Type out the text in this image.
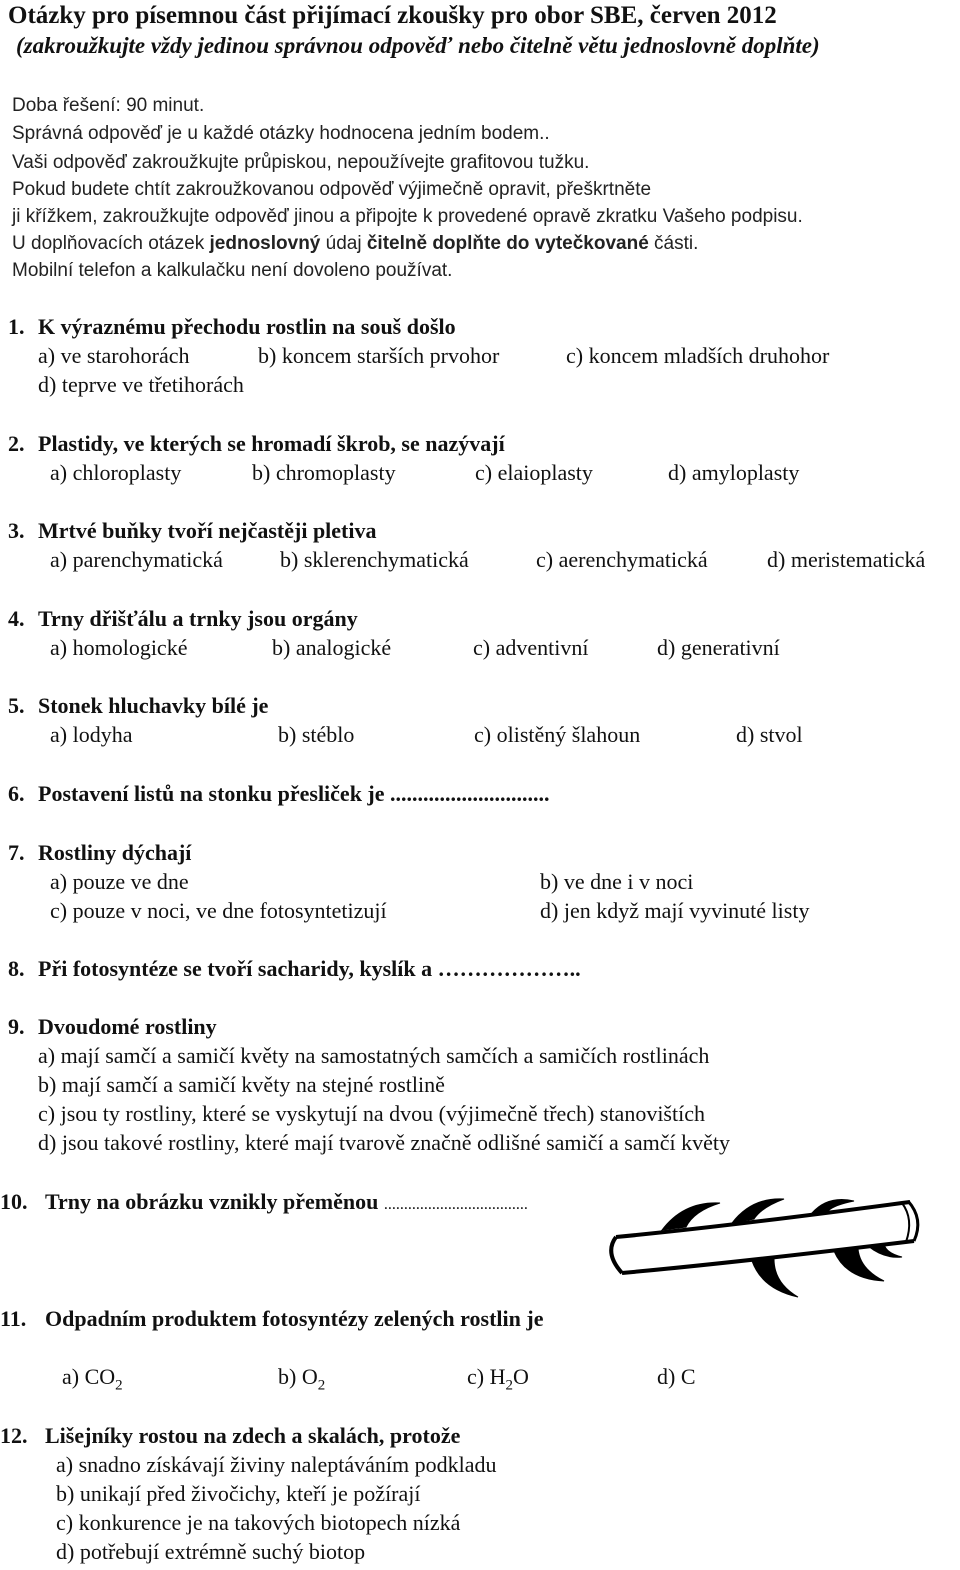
Otázky pro písemnou část přijímací zkoušky pro obor SBE, červen 2012
(zakroužkujte vždy jedinou správnou odpověď nebo čitelně větu jednoslovně doplňte)
Doba řešení: 90 minut.
Správná odpověď je u každé otázky hodnocena jedním bodem..
Vaši odpověď zakroužkujte průpiskou, nepoužívejte grafitovou tužku.
Pokud budete chtít zakroužkovanou odpověď výjimečně opravit, přeškrtněte
ji křížkem, zakroužkujte odpověď jinou a připojte k provedené opravě zkratku Vašeho podpisu.
U doplňovacích otázek jednoslovný údaj čitelně doplňte do vytečkované části.
Mobilní telefon a kalkulačku není dovoleno používat.
1. K výraznému přechodu rostlin na souš došlo
a) ve starohorách	b) koncem starších prvohor	c) koncem mladších druhohor
d) teprve ve třetihorách
2. Plastidy, ve kterých se hromadí škrob, se nazývají
a) chloroplasty	b) chromoplasty	c) elaioplasty	d) amyloplasty
3. Mrtvé buňky tvoří nejčastěji pletiva
a) parenchymatická	b) sklerenchymatická	c) aerenchymatická	d) meristematická
4. Trny dřišťálu a trnky jsou orgány
a) homologické	b) analogické	c) adventivní	d) generativní
5. Stonek hluchavky bílé je
a) lodyha	b) stéblo	c) olistěný šlahoun	d) stvol
6. Postavení listů na stonku přesliček je .............................
7. Rostliny dýchají
a) pouze ve dne	b) ve dne i v noci
c) pouze v noci, ve dne fotosyntetizují	d) jen když mají vyvinuté listy
8. Při fotosyntéze se tvoří sacharidy, kyslík a ………………..
9. Dvoudomé rostliny
a) mají samčí a samičí květy na samostatných samčích a samičích rostlinách
b) mají samčí a samičí květy na stejné rostlině
c) jsou ty rostliny, které se vyskytují na dvou (výjimečně třech) stanovištích
d) jsou takové rostliny, které mají tvarově značně odlišné samičí a samčí květy
10. Trny na obrázku vznikly přeměnou ....................................
11. Odpadním produktem fotosyntézy zelených rostlin je
a) $CO_2$	b) $O_2$	c) $H_2O$	d) C
12. Lišejníky rostou na zdech a skalách, protože
a) snadno získávají živiny naleptáváním podkladu
b) unikají před živočichy, kteří je požírají
c) konkurence je na takových biotopech nízká
d) potřebují extrémně suchý biotop
